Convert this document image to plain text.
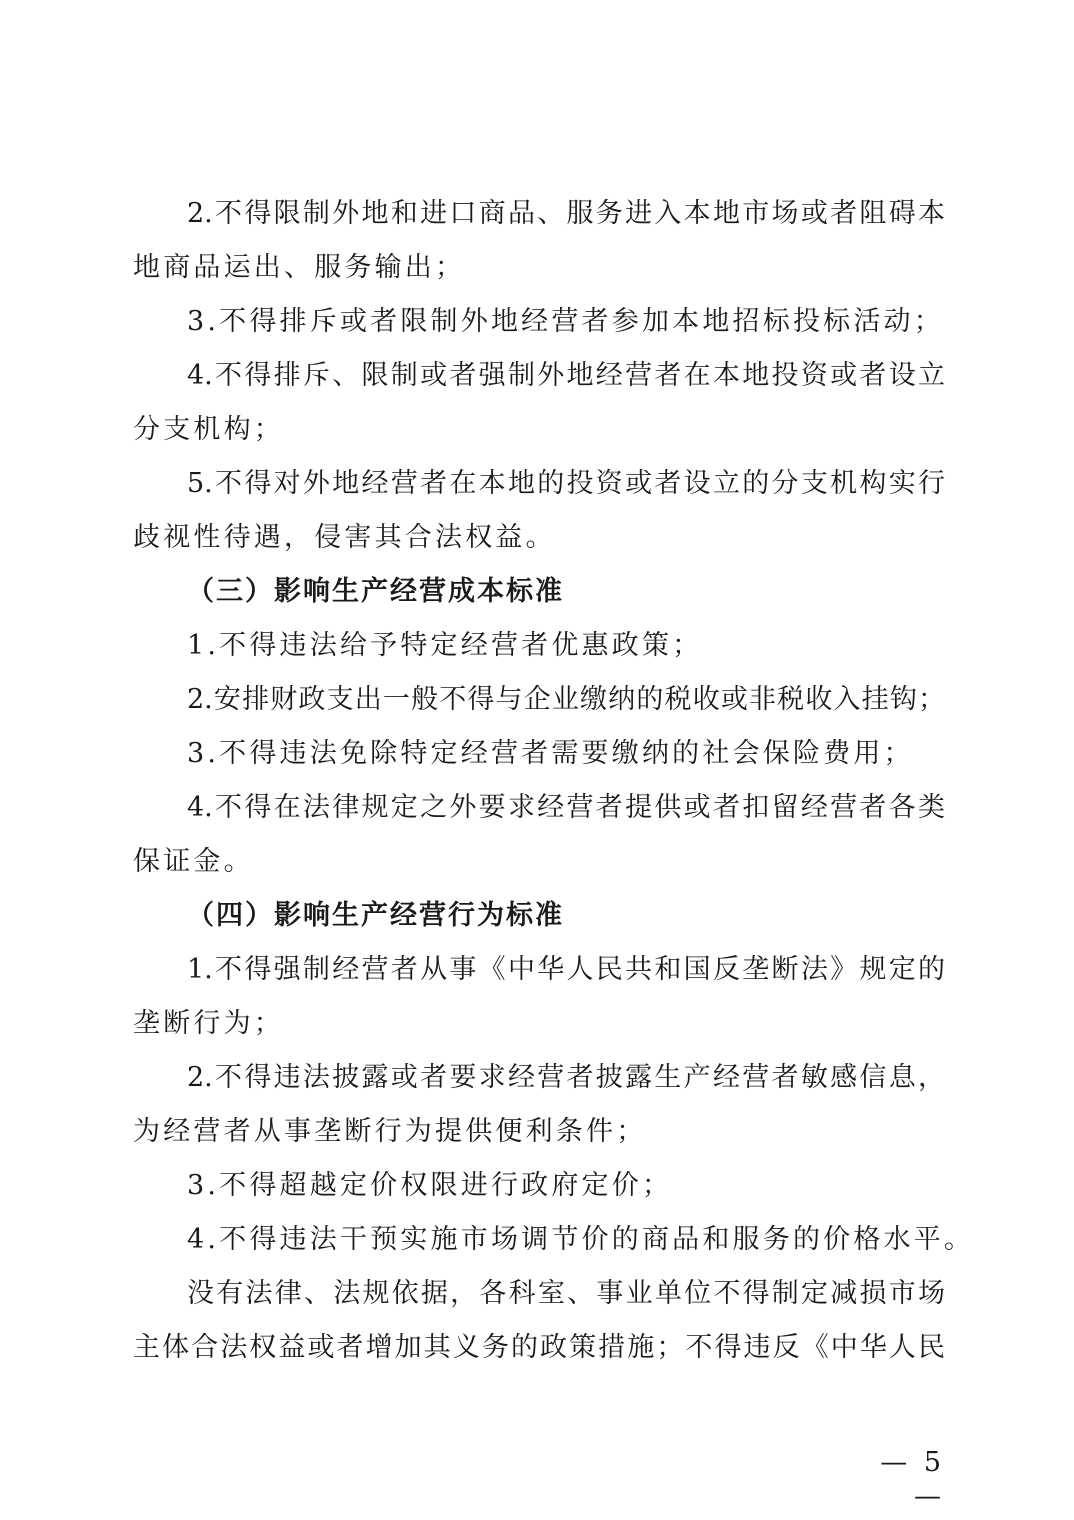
2.不得限制外地和进口商品、服务进入本地市场或者阻碍本
地商品运出、服务输出；
3.不得排斥或者限制外地经营者参加本地招标投标活动；
4.不得排斥、限制或者强制外地经营者在本地投资或者设立
分支机构；
5.不得对外地经营者在本地的投资或者设立的分支机构实行
歧视性待遇，侵害其合法权益。
（三）影响生产经营成本标准
1.不得违法给予特定经营者优惠政策；
2.安排财政支出一般不得与企业缴纳的税收或非税收入挂钩；
3.不得违法免除特定经营者需要缴纳的社会保险费用；
4.不得在法律规定之外要求经营者提供或者扣留经营者各类
保证金。
（四）影响生产经营行为标准
1.不得强制经营者从事《中华人民共和国反垄断法》规定的
垄断行为；
2.不得违法披露或者要求经营者披露生产经营者敏感信息，
为经营者从事垄断行为提供便利条件；
3.不得超越定价权限进行政府定价；
4.不得违法干预实施市场调节价的商品和服务的价格水平。
没有法律、法规依据，各科室、事业单位不得制定减损市场
主体合法权益或者增加其义务的政策措施；不得违反《中华人民
— 5 —
